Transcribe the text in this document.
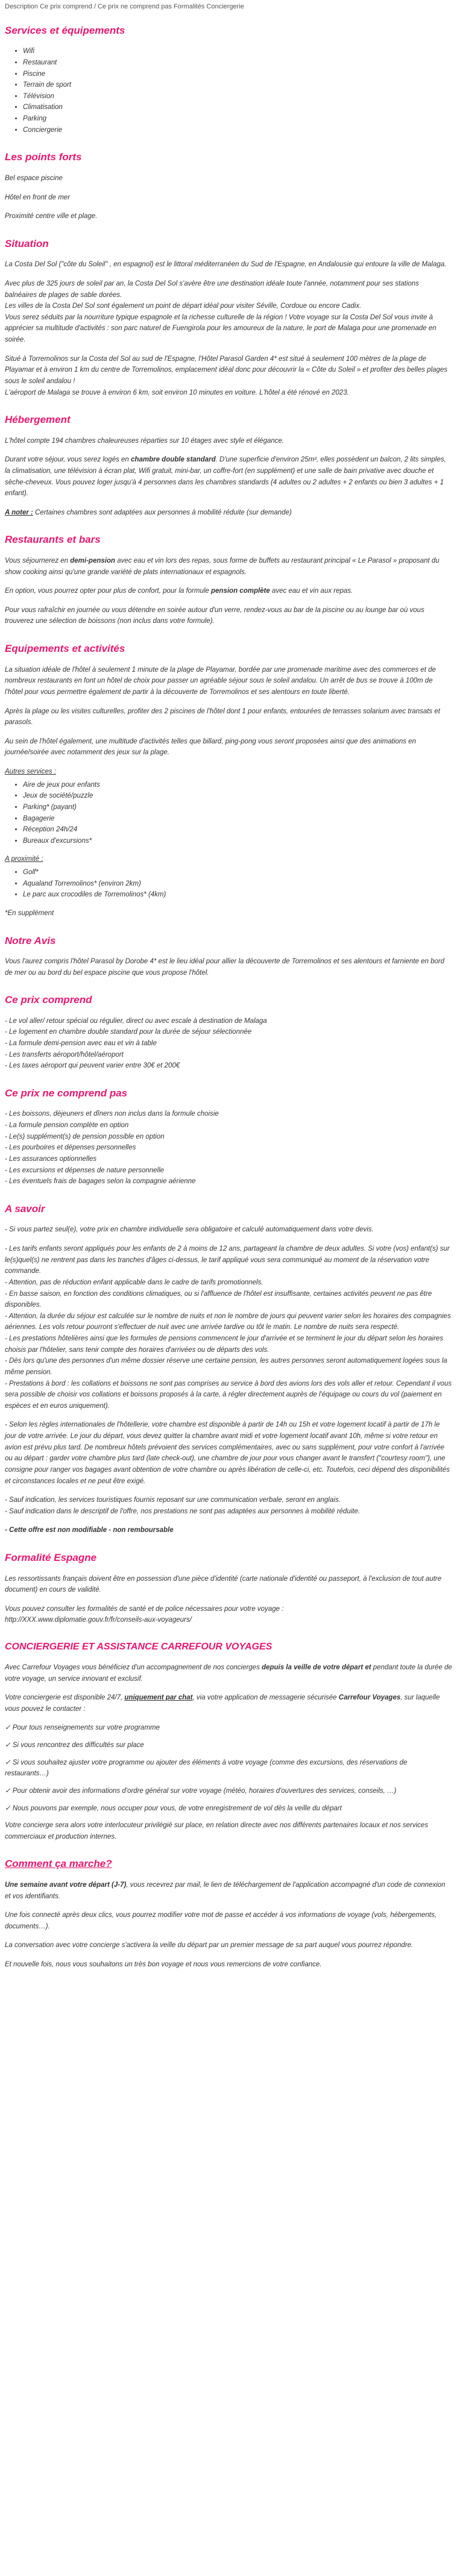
Description Ce prix comprend / Ce prix ne comprend pas Formalités Conciergerie
Services et équipements
• Wifi
• Restaurant
• Piscine
• Terrain de sport
• Télévision
• Climatisation
• Parking
• Conciergerie
Les points forts

Bel espace piscine

Hôtel en front de mer

Proximité centre ville et plage.

Situation

La Costa Del Sol ("côte du Soleil" , en espagnol) est le littoral méditerranéen du Sud de l'Espagne, en Andalousie qui entoure la ville de Malaga.

Avec plus de 325 jours de soleil par an, la Costa Del Sol s'avère être une destination idéale toute l'année, notamment pour ses stations balnéaires de plages de sable dorées.
Les villes de la Costa Del Sol sont également un point de départ idéal pour visiter Séville, Cordoue ou encore Cadix.
Vous serez séduits par la nourriture typique espagnole et la richesse culturelle de la région ! Votre voyage sur la Costa Del Sol vous invite à apprécier sa multitude d'activités : son parc naturel de Fuengirola pour les amoureux de la nature, le port de Malaga pour une promenade en soirée.
Situé à Torremolinos sur la Costa del Sol au sud de l'Espagne, l'Hôtel Parasol Garden 4* est situé à seulement 100 mètres de la plage de Playamar et à environ 1 km du centre de Torremolinos, emplacement idéal donc pour découvrir la « Côte du Soleil » et profiter des belles plages sous le soleil andalou !
L'aéroport de Malaga se trouve à environ 6 km, soit environ 10 minutes en voiture. L'hôtel a été rénové en 2023.
Hébergement

L'hôtel compte 194 chambres chaleureuses réparties sur 10 étages avec style et élégance.

Durant votre séjour, vous serez logés en chambre double standard. D'une superficie d'environ 25m², elles possèdent un balcon, 2 lits simples, la climatisation, une télévision à écran plat, Wifi gratuit, mini-bar, un coffre-fort (en supplément) et une salle de bain privative avec douche et sèche-cheveux. Vous pouvez loger jusqu'à 4 personnes dans les chambres standards (4 adultes ou 2 adultes + 2 enfants ou bien 3 adultes + 1 enfant).

A noter : Certaines chambres sont adaptées aux personnes à mobilité réduite (sur demande)

Restaurants et bars

Vous séjournerez en demi-pension avec eau et vin lors des repas, sous forme de buffets au restaurant principal « Le Parasol » proposant du show cooking ainsi qu'une grande variété de plats internationaux et espagnols.

En option, vous pourrez opter pour plus de confort, pour la formule pension complète avec eau et vin aux repas.

Pour vous rafraîchir en journée ou vous détendre en soirée autour d'un verre, rendez-vous au bar de la piscine ou au lounge bar où vous trouverez une sélection de boissons (non inclus dans votre formule).

Equipements et activités

La situation idéale de l'hôtel à seulement 1 minute de la plage de Playamar, bordée par une promenade maritime avec des commerces et de nombreux restaurants en font un hôtel de choix pour passer un agréable séjour sous le soleil andalou. Un arrêt de bus se trouve à 100m de l'hôtel pour vous permettre également de partir à la découverte de Torremolinos et ses alentours en toute liberté.

Après la plage ou les visites culturelles, profiter des 2 piscines de l'hôtel dont 1 pour enfants, entourées de terrasses solarium avec transats et parasols.

Au sein de l'hôtel également, une multitude d'activités telles que billard, ping-pong vous seront proposées ainsi que des animations en journée/soirée avec notamment des jeux sur la plage.

Autres services :

• Aire de jeux pour enfants
• Jeux de société/puzzle
• Parking* (payant)
• Bagagerie
• Réception 24h/24
• Bureaux d'excursions*

A proximité :

• Golf*
• Aqualand Torremolinos* (environ 2km)
• Le parc aux crocodiles de Torremolinos* (4km)

*En supplément

Notre Avis

Vous l'aurez compris l'hôtel Parasol by Dorobe 4* est le lieu idéal pour allier la découverte de Torremolinos et ses alentours et farniente en bord de mer ou au bord du bel espace piscine que vous propose l'hôtel.

Ce prix comprend
- Le vol aller/ retour spécial ou régulier, direct ou avec escale à destination de Malaga
- Le logement en chambre double standard pour la durée de séjour sélectionnée
- La formule demi-pension avec eau et vin à table
- Les transferts aéroport/hôtel/aéroport
- Les taxes aéroport qui peuvent varier entre 30€ et 200€
Ce prix ne comprend pas
- Les boissons, déjeuners et dîners non inclus dans la formule choisie
- La formule pension complète en option
- Le(s) supplément(s) de pension possible en option
- Les pourboires et dépenses personnelles
- Les assurances optionnelles
- Les excursions et dépenses de nature personnelle
- Les éventuels frais de bagages selon la compagnie aérienne
A savoir

- Si vous partez seul(e), votre prix en chambre individuelle sera obligatoire et calculé automatiquement dans votre devis.

- Les tarifs enfants seront appliqués pour les enfants de 2 à moins de 12 ans, partageant la chambre de deux adultes. Si votre (vos) enfant(s) sur le(s)quel(s) ne rentrent pas dans les tranches d'âges ci-dessus, le tarif appliqué vous sera communiqué au moment de la réservation votre commande.
- Attention, pas de réduction enfant applicable dans le cadre de tarifs promotionnels.
- En basse saison, en fonction des conditions climatiques, ou si l'affluence de l'hôtel est insuffisante, certaines activités peuvent ne pas être disponibles.
- Attention, la durée du séjour est calculée sur le nombre de nuits et non le nombre de jours qui peuvent varier selon les horaires des compagnies aériennes. Les vols retour pourront s'effectuer de nuit avec une arrivée tardive ou tôt le matin. Le nombre de nuits sera respecté.
- Les prestations hôtelières ainsi que les formules de pensions commencent le jour d'arrivée et se terminent le jour du départ selon les horaires choisis par l'hôtelier, sans tenir compte des horaires d'arrivées ou de départs des vols.
- Dès lors qu'une des personnes d'un même dossier réserve une certaine pension, les autres personnes seront automatiquement logées sous la même pension.
- Prestations à bord : les collations et boissons ne sont pas comprises au service à bord des avions lors des vols aller et retour. Cependant il vous sera possible de choisir vos collations et boissons proposés à la carte, à régler directement auprès de l'équipage ou cours du vol (paiement en espèces et en euros uniquement).

- Selon les règles internationales de l'hôtellerie, votre chambre est disponible à partir de 14h ou 15h et votre logement locatif à partir de 17h le jour de votre arrivée. Le jour du départ, vous devez quitter la chambre avant midi et votre logement locatif avant 10h, même si votre retour en avion est prévu plus tard. De nombreux hôtels prévoient des services complémentaires, avec ou sans supplément, pour votre confort à l'arrivée ou au départ : garder votre chambre plus tard (late check-out), une chambre de jour pour vous changer avant le transfert ("courtesy room"), une consigne pour ranger vos bagages avant obtention de votre chambre ou après libération de celle-ci, etc. Toutefois, ceci dépend des disponibilités et circonstances locales et ne peut être exigé.

- Sauf indication, les services touristiques fournis reposant sur une communication verbale, seront en anglais.
- Sauf indication dans le descriptif de l'offre, nos prestations ne sont pas adaptées aux personnes à mobilité réduite.

- Cette offre est non modifiable - non remboursable

Formalité Espagne

Les ressortissants français doivent être en possession d'une pièce d'identité (carte nationale d'identité ou passeport, à l'exclusion de tout autre document) en cours de validité.

Vous pouvez consulter les formalités de santé et de police nécessaires pour votre voyage :
http://XXX.www.diplomatie.gouv.fr/fr/conseils-aux-voyageurs/
CONCIERGERIE ET ASSISTANCE CARREFOUR VOYAGES

Avec Carrefour Voyages vous bénéficiez d'un accompagnement de nos concierges depuis la veille de votre départ et pendant toute la durée de votre voyage, un service innovant et exclusif.

Votre conciergerie est disponible 24/7, uniquement par chat, via votre application de messagerie sécurisée Carrefour Voyages, sur laquelle vous pouvez le contacter :

✓ Pour tous renseignements sur votre programme
✓ Si vous rencontrez des difficultés sur place
✓ Si vous souhaitez ajuster votre programme ou ajouter des éléments à votre voyage (comme des excursions, des réservations de restaurants…)
✓ Pour obtenir avoir des informations d'ordre général sur votre voyage (météo, horaires d'ouvertures des services, conseils, …)
✓ Nous pouvons par exemple, nous occuper pour vous, de votre enregistrement de vol dès la veille du départ

Votre concierge sera alors votre interlocuteur privilégié sur place, en relation directe avec nos différents partenaires locaux et nos services commerciaux et production internes.

Comment ça marche?

Une semaine avant votre départ (J-7), vous recevrez par mail, le lien de téléchargement de l'application accompagné d'un code de connexion et vos identifiants.

Une fois connecté après deux clics, vous pourrez modifier votre mot de passe et accéder à vos informations de voyage (vols, hébergements, documents…).

La conversation avec votre concierge s'activera la veille du départ par un premier message de sa part auquel vous pourrez répondre.

Et nouvelle fois, nous vous souhaitons un très bon voyage et nous vous remercions de votre confiance.
